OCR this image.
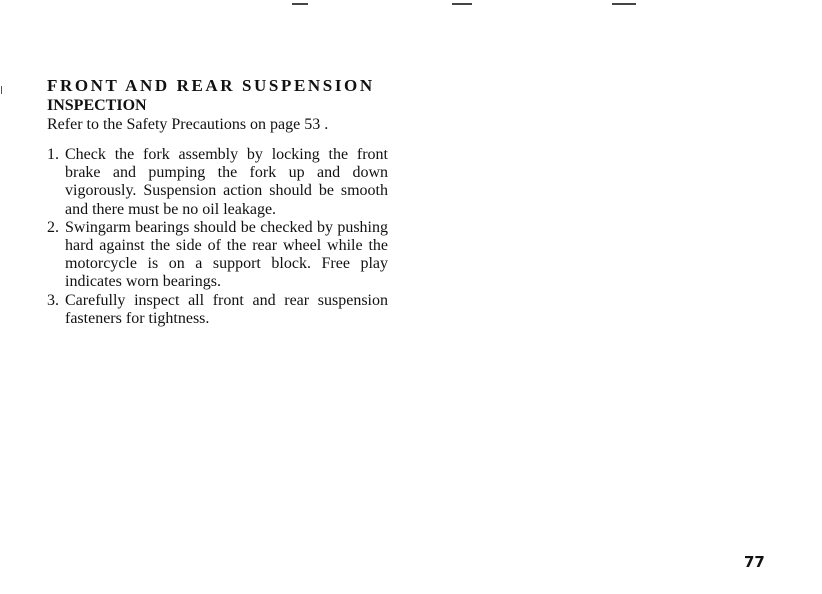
FRONT AND REAR SUSPENSION
INSPECTION

Refer to the Safety Precautions on page 53 .

1. Check the fork assembly by locking the front brake and pumping the fork up and down vigorously. Suspension action should be smooth and there must be no oil leakage.
2. Swingarm bearings should be checked by pushing hard against the side of the rear wheel while the motorcycle is on a support block. Free play indicates worn bearings.
3. Carefully inspect all front and rear suspension fasteners for tightness.
77
